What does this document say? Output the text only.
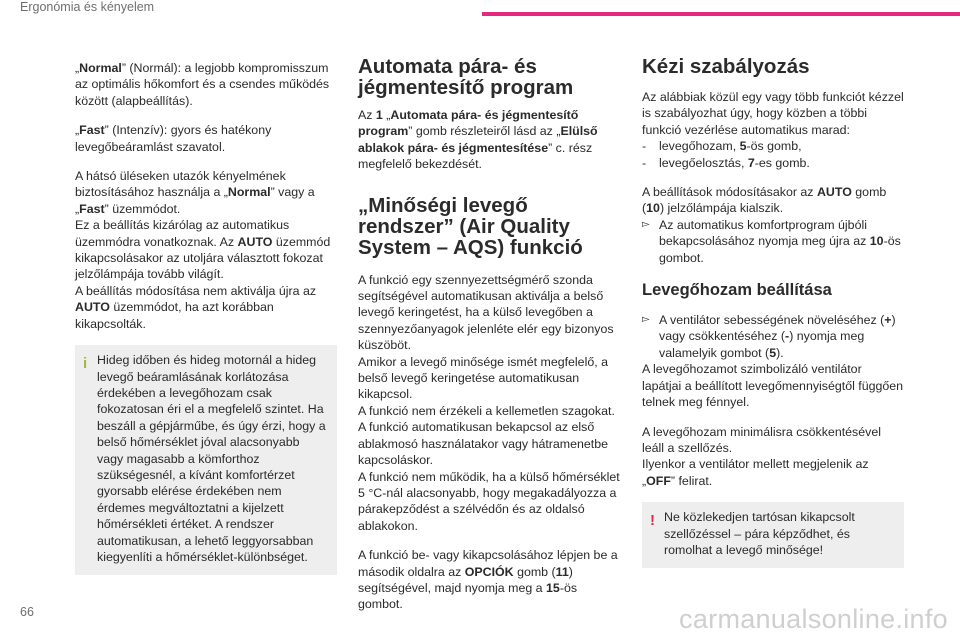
Ergonómia és kényelem

„Normal” (Normál): a legjobb kompromisszum az optimális hőkomfort és a csendes működés között (alapbeállítás).

„Fast” (Intenzív): gyors és hatékony levegőbeáramlást szavatol.

A hátsó üléseken utazók kényelmének biztosításához használja a „Normal” vagy a „Fast” üzemmódot.
Ez a beállítás kizárólag az automatikus üzemmódra vonatkoznak. Az AUTO üzemmód kikapcsolásakor az utoljára választott fokozat jelzőlámpája tovább világít.
A beállítás módosítása nem aktiválja újra az AUTO üzemmódot, ha azt korábban kikapcsolták.

i Hideg időben és hideg motornál a hideg levegő beáramlásának korlátozása érdekében a levegőhozam csak fokozatosan éri el a megfelelő szintet. Ha beszáll a gépjárműbe, és úgy érzi, hogy a belső hőmérséklet jóval alacsonyabb vagy magasabb a kömforthoz szükségesnél, a kívánt komfortérzet gyorsabb elérése érdekében nem érdemes megváltoztatni a kijelzett hőmérsékleti értéket. A rendszer automatikusan, a lehető leggyorsabban kiegyenlíti a hőmérséklet-különbséget.
Automata pára- és jégmentesítő program

Az 1 „Automata pára- és jégmentesítő program” gomb részleteiről lásd az „Elülső ablakok pára- és jégmentesítése” c. rész megfelelő bekezdését.

„Minőségi levegő rendszer” (Air Quality System – AQS) funkció

A funkció egy szennyezettségmérő szonda segítségével automatikusan aktiválja a belső levegő keringetést, ha a külső levegőben a szennyezőanyagok jelenléte elér egy bizonyos küszöböt.
Amikor a levegő minősége ismét megfelelő, a belső levegő keringetése automatikusan kikapcsol.
A funkció nem érzékeli a kellemetlen szagokat.
A funkció automatikusan bekapcsol az első ablakmosó használatakor vagy hátramenetbe kapcsoláskor.
A funkció nem működik, ha a külső hőmérséklet 5 °C-nál alacsonyabb, hogy megakadályozza a párakepződést a szélvédőn és az oldalsó ablakokon.

A funkció be- vagy kikapcsolásához lépjen be a második oldalra az OPCIÓK gomb (11) segítségével, majd nyomja meg a 15-ös gombot.

Kézi szabályozás

Az alábbiak közül egy vagy több funkciót kézzel is szabályozhat úgy, hogy közben a többi funkció vezérlése automatikus marad:

- levegőhozam, 5-ös gomb,
- levegőelosztás, 7-es gomb.

A beállítások módosításakor az AUTO gomb (10) jelzőlámpája kialszik.

▻ Az automatikus komfortprogram újbóli bekapcsolásához nyomja meg újra az 10-ös gombot.
Levegőhozam beállítása
▻ A ventilátor sebességének növeléséhez (+) vagy csökkentéséhez (-) nyomja meg valamelyik gombot (5).

A levegőhozamot szimbolizáló ventilátor lapátjai a beállított levegőmennyiségtől függően telnek meg fénnyel.

A levegőhozam minimálisra csökkentésével leáll a szellőzés.
Ilyenkor a ventilátor mellett megjelenik az „OFF” felirat.

! Ne közlekedjen tartósan kikapcsolt szellőzéssel – pára képződhet, és romolhat a levegő minősége!
66	carmanualsonline.info
